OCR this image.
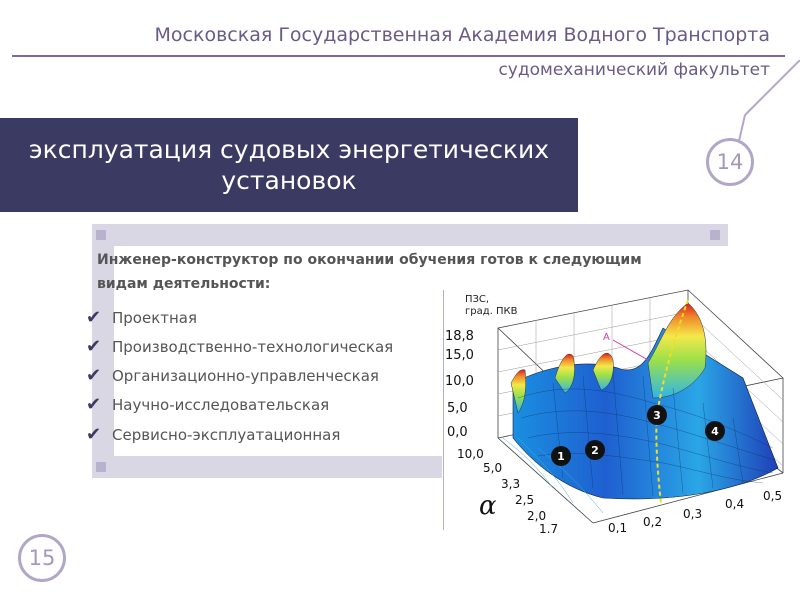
Московская Государственная Академия Водного Транспорта
судомеханический факультет
эксплуатация судовых энергетических установок
14
15
Инженер-конструктор по окончании обучения готов к следующим видам деятельности:
✔ Проектная
✔ Производственно-технологическая
✔ Организационно-управленческая
✔ Научно-исследовательская
✔ Сервисно-эксплуатационная
A
1 2
3
4
ПЗС,
град. ПКВ
18,8
15,0
10,0
5,0
0,0
10,0
5,0
3,3
2,5
2,0
1,7
α
0,1 0,2
0,3
0,4
0,5
